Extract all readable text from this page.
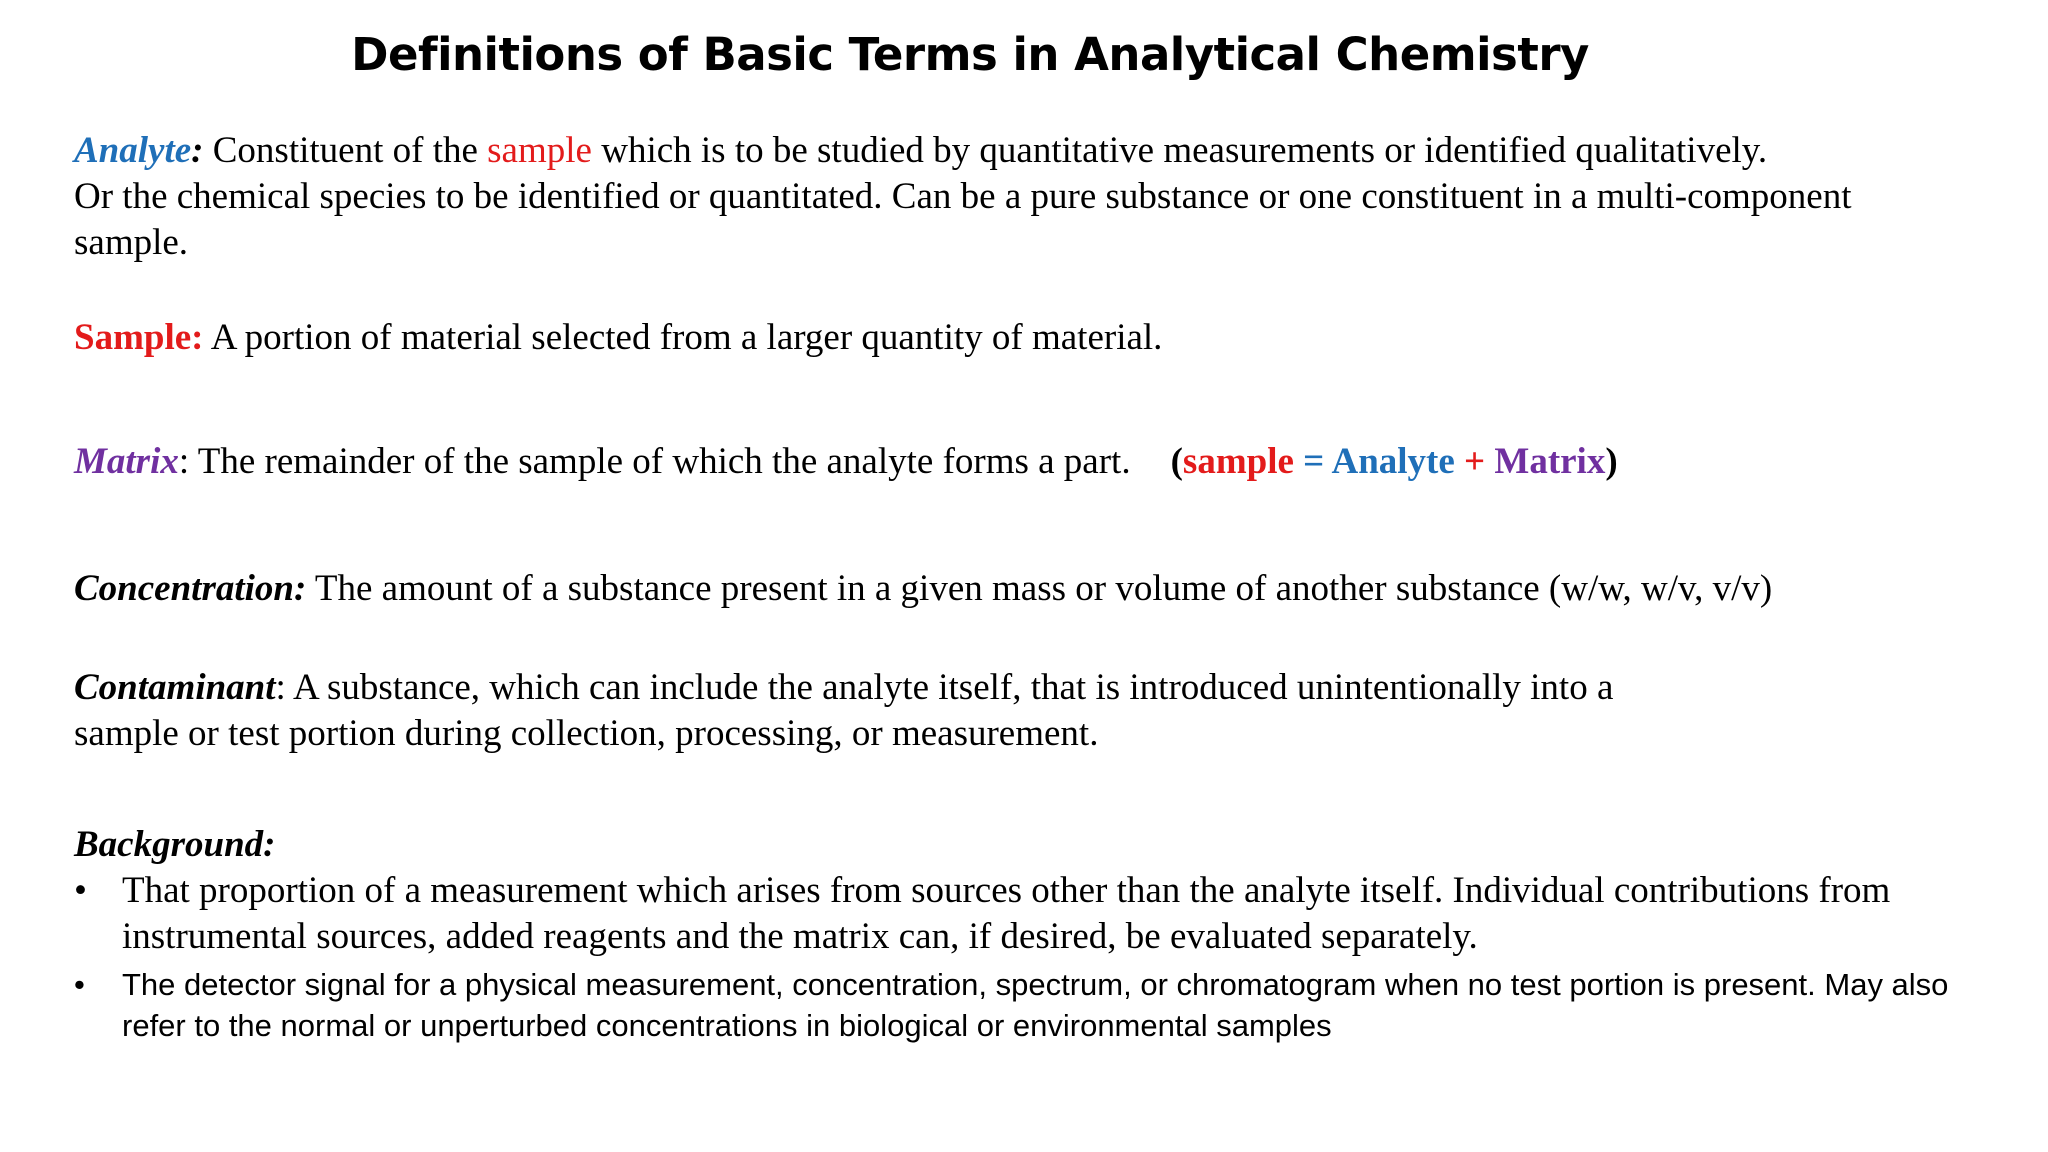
Definitions of Basic Terms in Analytical Chemistry
Analyte: Constituent of the sample which is to be studied by quantitative measurements or identified qualitatively.
Or the chemical species to be identified or quantitated. Can be a pure substance or one constituent in a multi-component sample.
Sample: A portion of material selected from a larger quantity of material.
Matrix: The remainder of the sample of which the analyte forms a part. (sample = Analyte + Matrix)
Concentration: The amount of a substance present in a given mass or volume of another substance (w/w, w/v, v/v)
Contaminant: A substance, which can include the analyte itself, that is introduced unintentionally into a
sample or test portion during collection, processing, or measurement.
Background:
• That proportion of a measurement which arises from sources other than the analyte itself. Individual contributions from instrumental sources, added reagents and the matrix can, if desired, be evaluated separately.
• The detector signal for a physical measurement, concentration, spectrum, or chromatogram when no test portion is present. May also refer to the normal or unperturbed concentrations in biological or environmental samples
